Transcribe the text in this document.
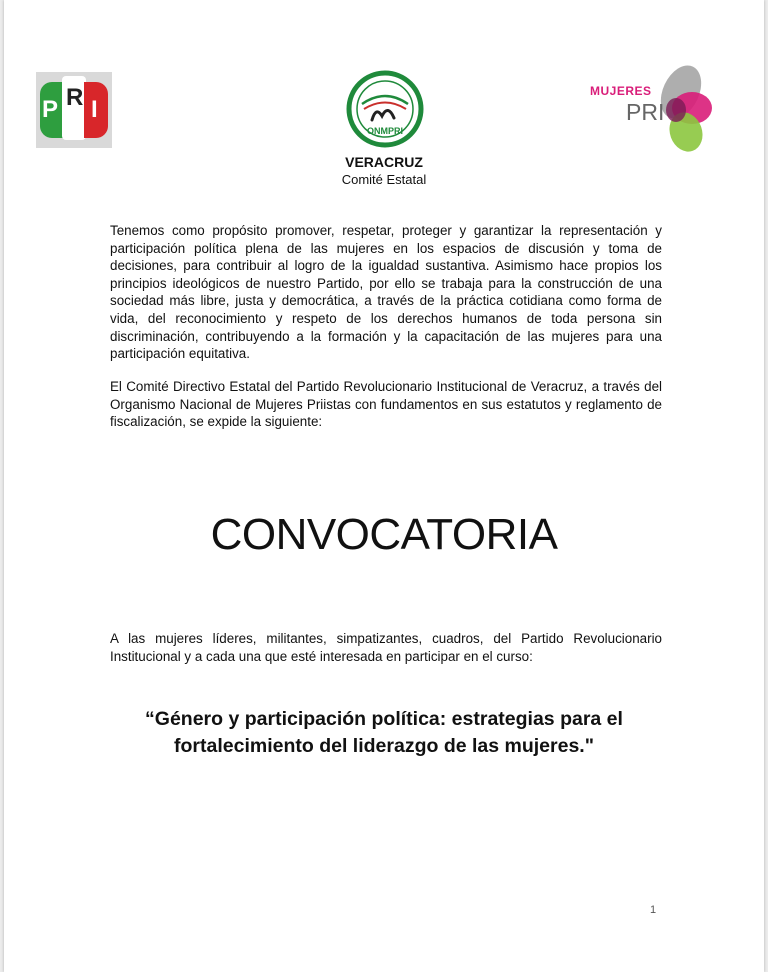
P R I
ONMPRI
VERACRUZ
Comité Estatal
MUJERES
PRI

Tenemos como propósito promover, respetar, proteger y garantizar la representación y participación política plena de las mujeres en los espacios de discusión y toma de decisiones, para contribuir al logro de la igualdad sustantiva. Asimismo hace propios los principios ideológicos de nuestro Partido, por ello se trabaja para la construcción de una sociedad más libre, justa y democrática, a través de la práctica cotidiana como forma de vida, del reconocimiento y respeto de los derechos humanos de toda persona sin discriminación, contribuyendo a la formación y la capacitación de las mujeres para una participación equitativa.

El Comité Directivo Estatal del Partido Revolucionario Institucional de Veracruz, a través del Organismo Nacional de Mujeres Priistas con fundamentos en sus estatutos y reglamento de fiscalización, se expide la siguiente:

CONVOCATORIA

A las mujeres líderes, militantes, simpatizantes, cuadros, del Partido Revolucionario Institucional y a cada una que esté interesada en participar en el curso:

“Género y participación política: estrategias para el fortalecimiento del liderazgo de las mujeres."

1
